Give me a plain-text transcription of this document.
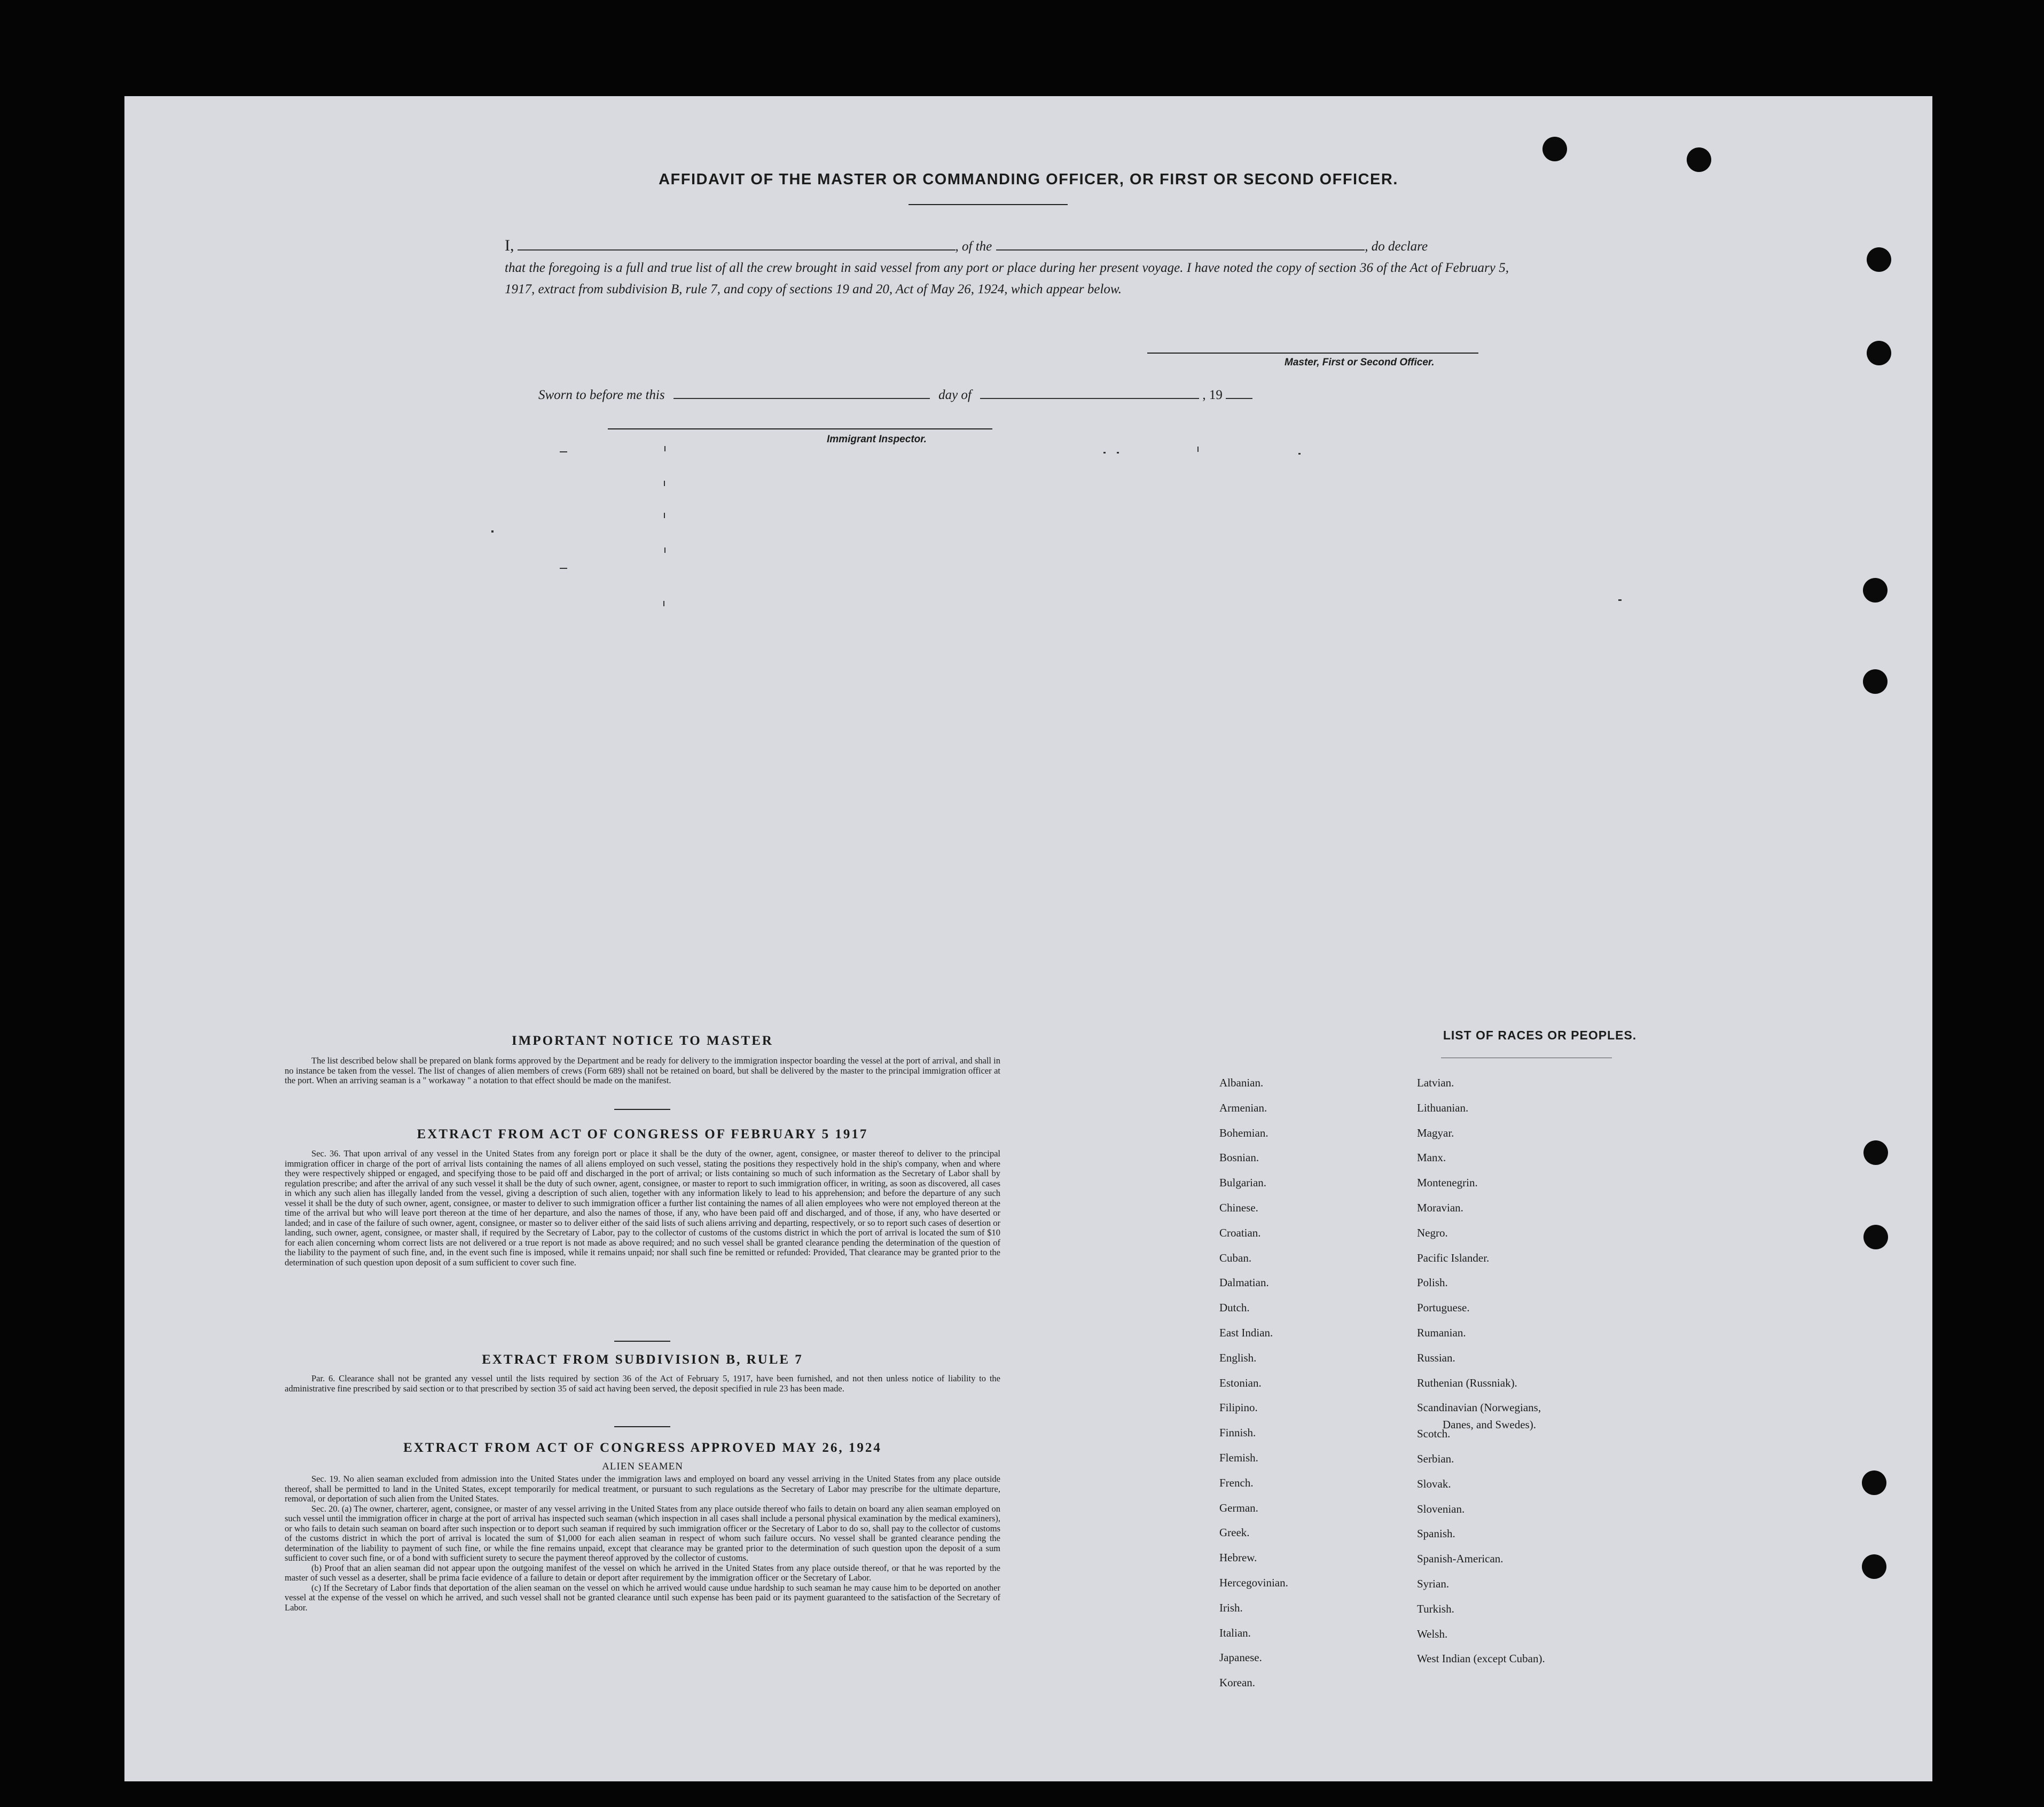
AFFIDAVIT OF THE MASTER OR COMMANDING OFFICER, OR FIRST OR SECOND OFFICER.
I,	, of the	, do declare
that the foregoing is a full and true list of all the crew brought in said vessel from any port or place during her present voyage. I have noted the copy of section 36 of the Act of February 5, 1917, extract from subdivision B, rule 7, and copy of sections 19 and 20, Act of May 26, 1924, which appear below.
Master, First or Second Officer.
Sworn to before me this	day of	, 19
Immigrant Inspector.
IMPORTANT NOTICE TO MASTER

The list described below shall be prepared on blank forms approved by the Department and be ready for delivery to the immigration inspector boarding the vessel at the port of arrival, and shall in no instance be taken from the vessel. The list of changes of alien members of crews (Form 689) shall not be retained on board, but shall be delivered by the master to the principal immigration officer at the port. When an arriving seaman is a " workaway " a notation to that effect should be made on the manifest.

EXTRACT FROM ACT OF CONGRESS OF FEBRUARY 5 1917

Sec. 36. That upon arrival of any vessel in the United States from any foreign port or place it shall be the duty of the owner, agent, consignee, or master thereof to deliver to the principal immigration officer in charge of the port of arrival lists containing the names of all aliens employed on such vessel, stating the positions they respectively hold in the ship's company, when and where they were respectively shipped or engaged, and specifying those to be paid off and discharged in the port of arrival; or lists containing so much of such information as the Secretary of Labor shall by regulation prescribe; and after the arrival of any such vessel it shall be the duty of such owner, agent, consignee, or master to report to such immigration officer, in writing, as soon as discovered, all cases in which any such alien has illegally landed from the vessel, giving a description of such alien, together with any information likely to lead to his apprehension; and before the departure of any such vessel it shall be the duty of such owner, agent, consignee, or master to deliver to such immigration officer a further list containing the names of all alien employees who were not employed thereon at the time of the arrival but who will leave port thereon at the time of her departure, and also the names of those, if any, who have been paid off and discharged, and of those, if any, who have deserted or landed; and in case of the failure of such owner, agent, consignee, or master so to deliver either of the said lists of such aliens arriving and departing, respectively, or so to report such cases of desertion or landing, such owner, agent, consignee, or master shall, if required by the Secretary of Labor, pay to the collector of customs of the customs district in which the port of arrival is located the sum of $10 for each alien concerning whom correct lists are not delivered or a true report is not made as above required; and no such vessel shall be granted clearance pending the determination of the question of the liability to the payment of such fine, and, in the event such fine is imposed, while it remains unpaid; nor shall such fine be remitted or refunded: Provided, That clearance may be granted prior to the determination of such question upon deposit of a sum sufficient to cover such fine.

EXTRACT FROM SUBDIVISION B, RULE 7

Par. 6. Clearance shall not be granted any vessel until the lists required by section 36 of the Act of February 5, 1917, have been furnished, and not then unless notice of liability to the administrative fine prescribed by said section or to that prescribed by section 35 of said act having been served, the deposit specified in rule 23 has been made.

EXTRACT FROM ACT OF CONGRESS APPROVED MAY 26, 1924
ALIEN SEAMEN

Sec. 19. No alien seaman excluded from admission into the United States under the immigration laws and employed on board any vessel arriving in the United States from any place outside thereof, shall be permitted to land in the United States, except temporarily for medical treatment, or pursuant to such regulations as the Secretary of Labor may prescribe for the ultimate departure, removal, or deportation of such alien from the United States.

Sec. 20. (a) The owner, charterer, agent, consignee, or master of any vessel arriving in the United States from any place outside thereof who fails to detain on board any alien seaman employed on such vessel until the immigration officer in charge at the port of arrival has inspected such seaman (which inspection in all cases shall include a personal physical examination by the medical examiners), or who fails to detain such seaman on board after such inspection or to deport such seaman if required by such immigration officer or the Secretary of Labor to do so, shall pay to the collector of customs of the customs district in which the port of arrival is located the sum of $1,000 for each alien seaman in respect of whom such failure occurs. No vessel shall be granted clearance pending the determination of the liability to payment of such fine, or while the fine remains unpaid, except that clearance may be granted prior to the determination of such question upon the deposit of a sum sufficient to cover such fine, or of a bond with sufficient surety to secure the payment thereof approved by the collector of customs.

(b) Proof that an alien seaman did not appear upon the outgoing manifest of the vessel on which he arrived in the United States from any place outside thereof, or that he was reported by the master of such vessel as a deserter, shall be prima facie evidence of a failure to detain or deport after requirement by the immigration officer or the Secretary of Labor.

(c) If the Secretary of Labor finds that deportation of the alien seaman on the vessel on which he arrived would cause undue hardship to such seaman he may cause him to be deported on another vessel at the expense of the vessel on which he arrived, and such vessel shall not be granted clearance until such expense has been paid or its payment guaranteed to the satisfaction of the Secretary of Labor.

LIST OF RACES OR PEOPLES.
Albanian.
Armenian.
Bohemian.
Bosnian.
Bulgarian.
Chinese.
Croatian.
Cuban.
Dalmatian.
Dutch.
East Indian.
English.
Estonian.
Filipino.
Finnish.
Flemish.
French.
German.
Greek.
Hebrew.
Hercegovinian.
Irish.
Italian.
Japanese.
Korean.
Latvian.
Lithuanian.
Magyar.
Manx.
Montenegrin.
Moravian.
Negro.
Pacific Islander.
Polish.
Portuguese.
Rumanian.
Russian.
Ruthenian (Russniak).
Scandinavian (Norwegians,
Danes, and Swedes).
Scotch.
Serbian.
Slovak.
Slovenian.
Spanish.
Spanish-American.
Syrian.
Turkish.
Welsh.
West Indian (except Cuban).
